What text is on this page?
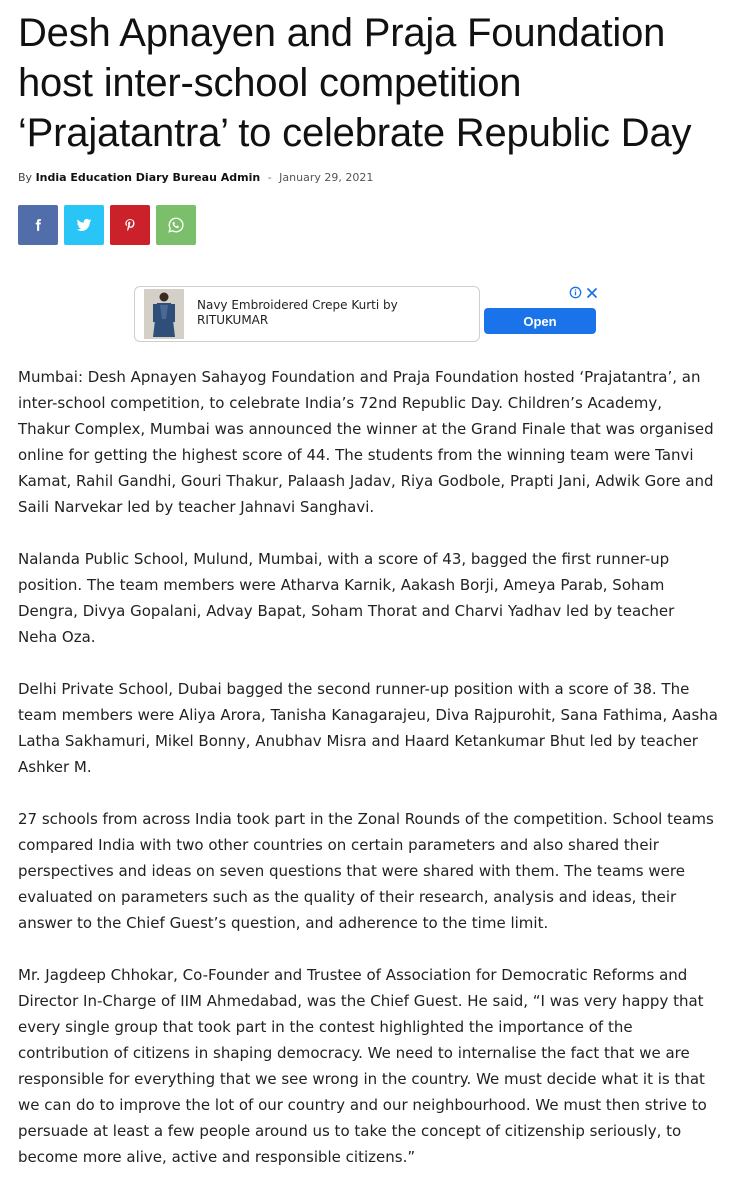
Desh Apnayen and Praja Foundation host inter-school competition ‘Prajatantra’ to celebrate Republic Day
By India Education Diary Bureau Admin - January 29, 2021
Navy Embroidered Crepe Kurti by RITUKUMAR	Open

Mumbai: Desh Apnayen Sahayog Foundation and Praja Foundation hosted ‘Prajatantra’, an inter-school competition, to celebrate India’s 72nd Republic Day. Children’s Academy, Thakur Complex, Mumbai was announced the winner at the Grand Finale that was organised online for getting the highest score of 44. The students from the winning team were Tanvi Kamat, Rahil Gandhi, Gouri Thakur, Palaash Jadav, Riya Godbole, Prapti Jani, Adwik Gore and Saili Narvekar led by teacher Jahnavi Sanghavi.

Nalanda Public School, Mulund, Mumbai, with a score of 43, bagged the first runner-up position. The team members were Atharva Karnik, Aakash Borji, Ameya Parab, Soham Dengra, Divya Gopalani, Advay Bapat, Soham Thorat and Charvi Yadhav led by teacher Neha Oza.

Delhi Private School, Dubai bagged the second runner-up position with a score of 38. The team members were Aliya Arora, Tanisha Kanagarajeu, Diva Rajpurohit, Sana Fathima, Aasha Latha Sakhamuri, Mikel Bonny, Anubhav Misra and Haard Ketankumar Bhut led by teacher Ashker M.

27 schools from across India took part in the Zonal Rounds of the competition. School teams compared India with two other countries on certain parameters and also shared their perspectives and ideas on seven questions that were shared with them. The teams were evaluated on parameters such as the quality of their research, analysis and ideas, their answer to the Chief Guest’s question, and adherence to the time limit.

Mr. Jagdeep Chhokar, Co-Founder and Trustee of Association for Democratic Reforms and Director In-Charge of IIM Ahmedabad, was the Chief Guest. He said, “I was very happy that every single group that took part in the contest highlighted the importance of the contribution of citizens in shaping democracy. We need to internalise the fact that we are responsible for everything that we see wrong in the country. We must decide what it is that we can do to improve the lot of our country and our neighbourhood. We must then strive to persuade at least a few people around us to take the concept of citizenship seriously, to become more alive, active and responsible citizens.”
